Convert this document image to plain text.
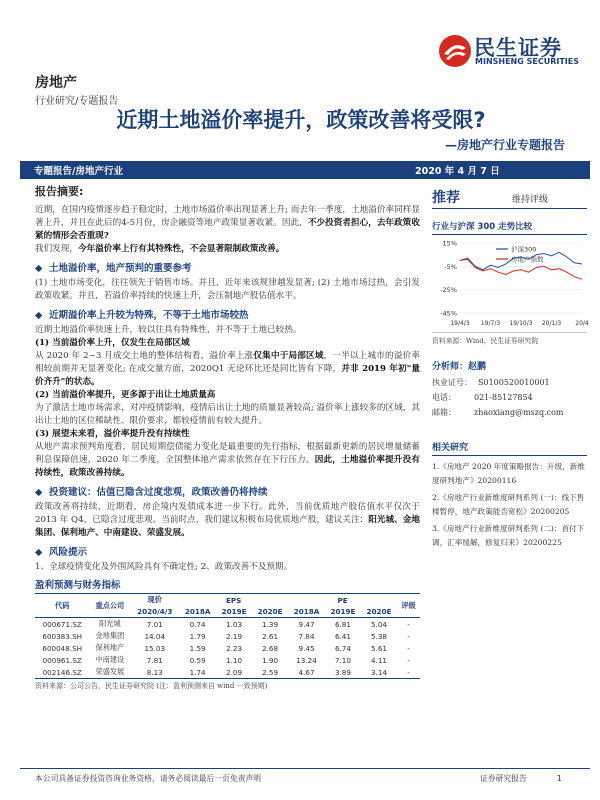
民生证券
MINSHENG SECURITIES
房地产
行业研究/专题报告
近期土地溢价率提升，政策改善将受限?
—房地产行业专题报告
专题报告/房地产行业	2020 年 4 月 7 日
报告摘要:
近期，在国内疫情逐步趋于稳定时，土地市场溢价率出现显著上升; 而去年一季度，土地溢价率同样显著上升，并且在此后的4-5月份，房企融资等地产政策显著收紧。因此，不少投资者担心，去年政策收紧的情形会否重现?
我们发现，今年溢价率上行有其特殊性，不会显著限制政策改善。
◆ 土地溢价率，地产预判的重要参考
(1) 土地市场变化，往往领先于销售市场。并且，近年来该规律越发显著; (2) 土地市场过热，会引发政策收紧。并且，若溢价率持续的快速上升，会压制地产股估值水平。
◆ 近期溢价率上升较为特殊，不等于土地市场较热
近期土地溢价率快速上升，较以往具有特殊性，并不等于土地已较热。
(1) 当前溢价率上升，仅发生在局部区域
从 2020 年 2~3 月成交土地的整体结构看，溢价率上涨仅集中于局部区域，一半以上城市的溢价率相较前期并无显著变化; 在成交量方面，2020Q1 无论环比还是同比皆有下降，并非 2019 年初"量价齐升"的状态。
(2) 当前溢价率提升，更多源于出让土地质量高
为了激活土地市场需求，对冲疫情影响，疫情后出让土地的质量显著较高; 溢价率上涨较多的区域，其出让土地的区位稀缺性、限价要求，都较疫情前有较大提升。
(3) 展望未来看，溢价率提升没有持续性
从地产需求预判角度看，居民短期偿债能力变化是最重要的先行指标，根据最新更新的居民增量储蓄利息保障倍速，2020 年二季度，全国整体地产需求依然存在下行压力。因此，土地溢价率提升没有持续性，政策改善持续。
◆ 投资建议：估值已隐含过度悲观，政策改善仍将持续
政策改善将持续，近期看，房企境内发债成本进一步下行。此外，当前优质地产股估值水平仅次于 2013 年 Q4，已隐含过度悲观。当前时点，我们建议积极布局优质地产股，建议关注：阳光城、金地集团、保利地产、中南建设、荣盛发展。
◆ 风险提示
1、全球疫情变化及外围风险具有不确定性; 2、政策改善不及预期。
盈利预测与财务指标
代码	重点公司	现价	EPS			PE			评级
		2020/4/3	2018A	2019E	2020E	2018A	2019E	2020E	
000671.SZ	阳光城	7.01	0.74	1.03	1.39	9.47	6.81	5.04	-
600383.SH	金地集团	14.04	1.79	2.19	2.61	7.84	6.41	5.38	-
600048.SH	保利地产	15.03	1.59	2.23	2.68	9.45	6.74	5.61	-
000961.SZ	中南建设	7.81	0.59	1.10	1.90	13.24	7.10	4.11	-
002146.SZ	荣盛发展	8.13	1.74	2.09	2.59	4.67	3.89	3.14	-
资料来源：公司公告，民生证券研究院 (注：盈利预测来自 wind 一致预期)
推荐	维持评级
行业与沪深 300 走势比较
15%
-5%
-25%
-45%
19/4/3 19/7/3 19/10/3 20/1/3 20/4
沪深300
房地产指数
资料来源：Wind，民生证券研究院
分析师：赵鹏
执业证号： S0100520010001
电话： 021-85127854
邮箱： zhaoxiang@mszq.com
相关研究
1.《房地产 2020 年度策略报告：升级，新维度研判地产》20200116
2.《房地产行业新维度研判系列 (一)：线下售楼暂停，地产政策能否宽松》20200205
3.《房地产行业新维度研判系列 (二)：首付下调，汇率缓解，修复归来》20200225
本公司具备证券投资咨询业务资格，请务必阅读最后一页免责声明	证券研究报告	1
